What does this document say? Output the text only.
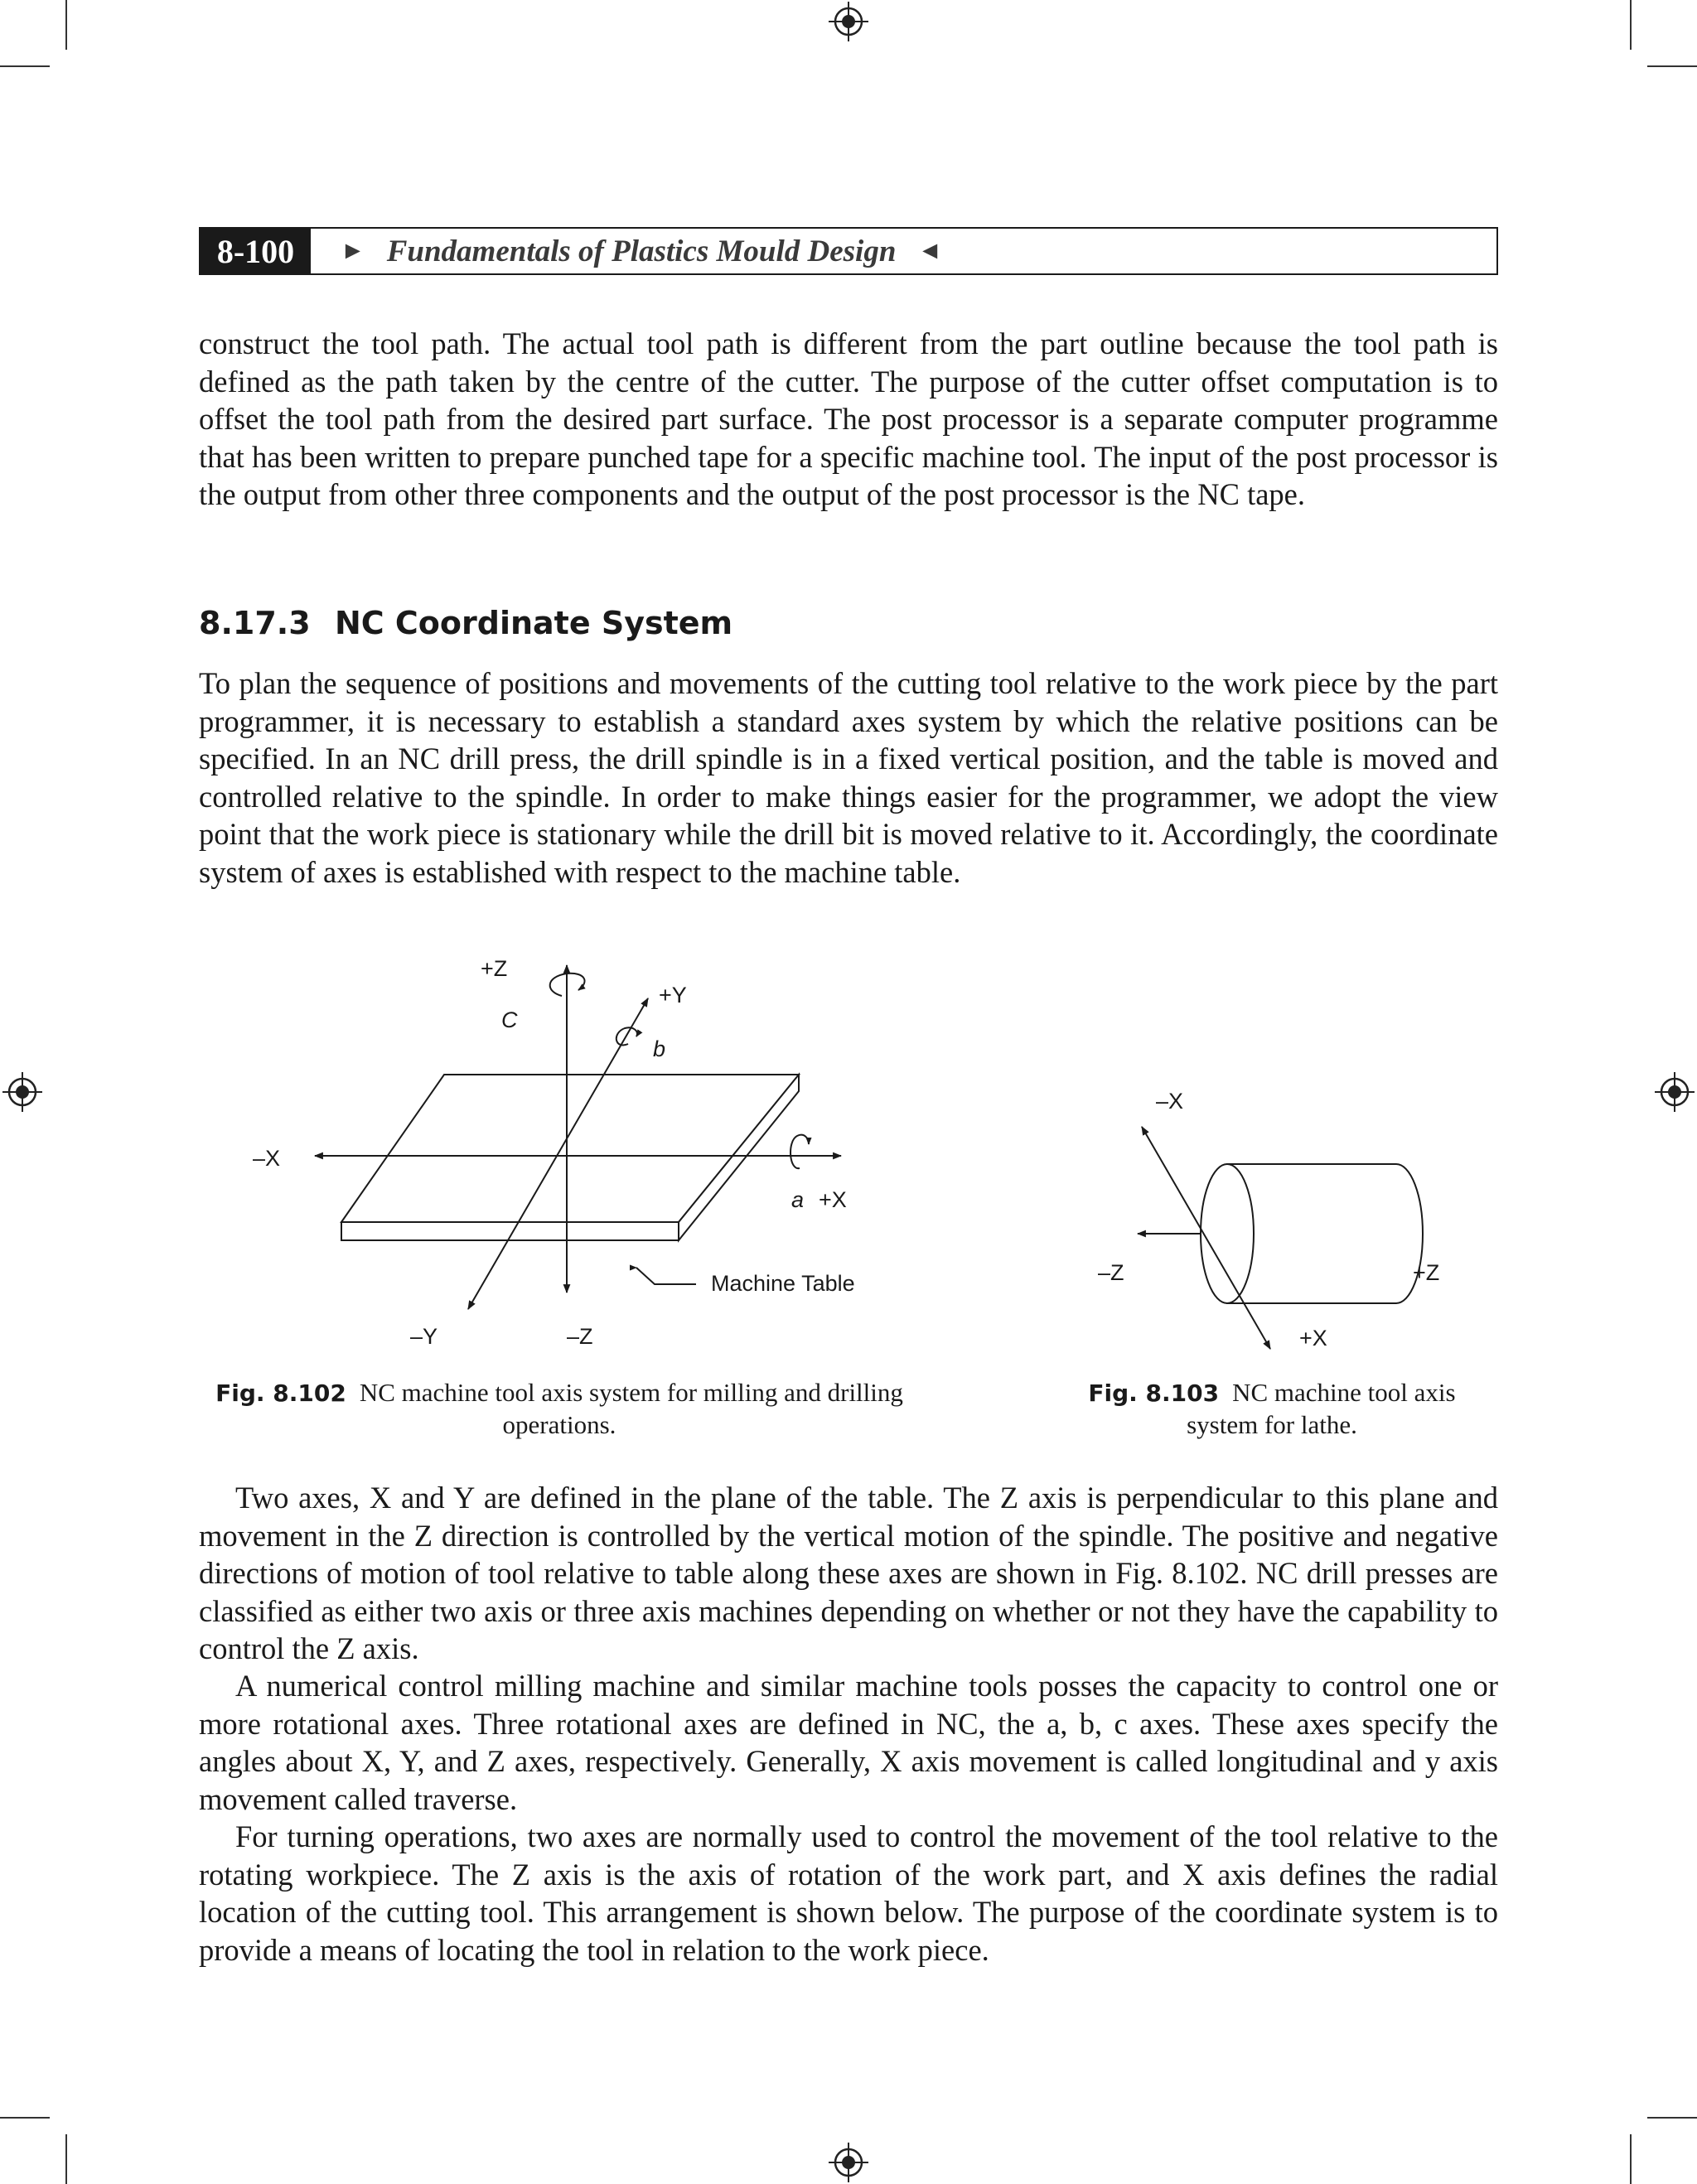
8-100	► Fundamentals of Plastics Mould Design ◄

construct the tool path. The actual tool path is different from the part outline because the tool path is defined as the path taken by the centre of the cutter. The purpose of the cutter offset computation is to offset the tool path from the desired part surface. The post processor is a separate computer programme that has been written to prepare punched tape for a specific machine tool. The input of the post processor is the output from other three components and the output of the post processor is the NC tape.

8.17.3 NC Coordinate System

To plan the sequence of positions and movements of the cutting tool relative to the work piece by the part programmer, it is necessary to establish a standard axes system by which the relative positions can be specified. In an NC drill press, the drill spindle is in a fixed vertical position, and the table is moved and controlled relative to the spindle. In order to make things easier for the programmer, we adopt the view point that the work piece is stationary while the drill bit is moved relative to it. Accordingly, the coordinate system of axes is established with respect to the machine table.

+Z
+Y
C
b
–X
a +X
Machine Table
–Y	–Z
Fig. 8.102 NC machine tool axis system for milling and drilling operations.
–X
–Z	+Z
+X
Fig. 8.103 NC machine tool axis system for lathe.

Two axes, X and Y are defined in the plane of the table. The Z axis is perpendicular to this plane and movement in the Z direction is controlled by the vertical motion of the spindle. The positive and negative directions of motion of tool relative to table along these axes are shown in Fig. 8.102. NC drill presses are classified as either two axis or three axis machines depending on whether or not they have the capability to control the Z axis.

A numerical control milling machine and similar machine tools posses the capacity to control one or more rotational axes. Three rotational axes are defined in NC, the a, b, c axes. These axes specify the angles about X, Y, and Z axes, respectively. Generally, X axis movement is called longitudinal and y axis movement called traverse.

For turning operations, two axes are normally used to control the movement of the tool relative to the rotating workpiece. The Z axis is the axis of rotation of the work part, and X axis defines the radial location of the cutting tool. This arrangement is shown below. The purpose of the coordinate system is to provide a means of locating the tool in relation to the work piece.
